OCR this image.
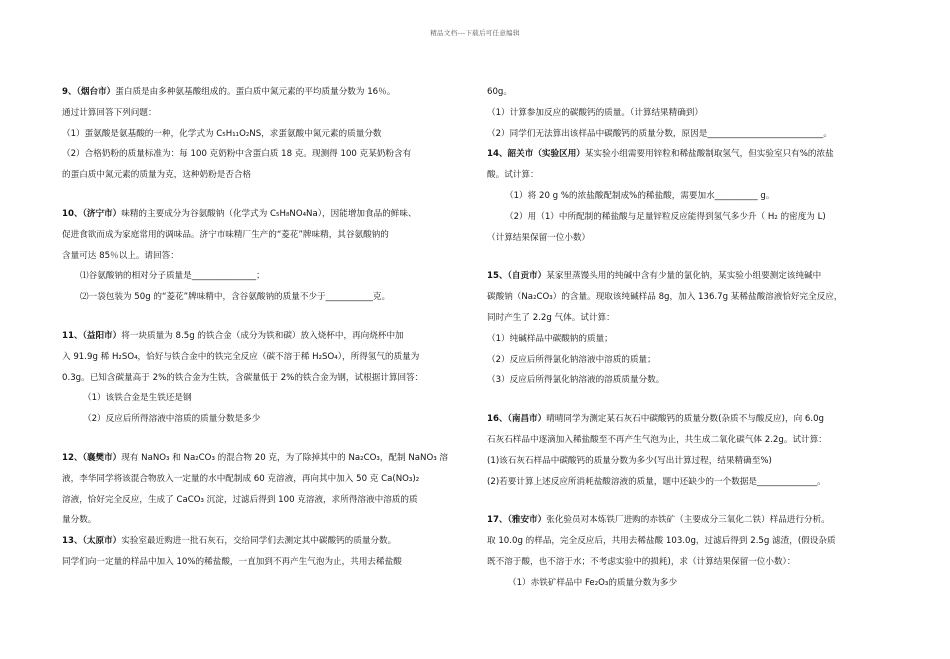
精品文档---下载后可任意编辑
9、（烟台市）蛋白质是由多种氨基酸组成的。蛋白质中氮元素的平均质量分数为 16％。
通过计算回答下列问题：
（1）蛋氨酸是氨基酸的一种，化学式为 C₅H₁₁O₂NS，求蛋氨酸中氮元素的质量分数
（2）合格奶粉的质量标准为：每 100 克奶粉中含蛋白质 18 克。现测得 100 克某奶粉含有
的蛋白质中氮元素的质量为克，这种奶粉是否合格
10、（济宁市）味精的主要成分为谷氨酸钠（化学式为 C₅H₈NO₄Na），因能增加食品的鲜味、
促进食欲而成为家庭常用的调味品。济宁市味精厂生产的“菱花”牌味精，其谷氨酸钠的
含量可达 85％以上。请回答：
⑴谷氨酸钠的相对分子质量是_______________；
⑵一袋包装为 50g 的“菱花”牌味精中，含谷氨酸钠的质量不少于___________克。
11、（益阳市）将一块质量为 8.5g 的铁合金（成分为铁和碳）放入烧杯中，再向烧杯中加
入 91.9g 稀 H₂SO₄，恰好与铁合金中的铁完全反应（碳不溶于稀 H₂SO₄），所得氢气的质量为
0.3g。已知含碳量高于 2%的铁合金为生铁，含碳量低于 2%的铁合金为钢，试根据计算回答：
（1）该铁合金是生铁还是钢
（2）反应后所得溶液中溶质的质量分数是多少
12、（襄樊市）现有 NaNO₃ 和 Na₂CO₃ 的混合物 20 克，为了除掉其中的 Na₂CO₃，配制 NaNO₃ 溶
液，李华同学将该混合物放入一定量的水中配制成 60 克溶液，再向其中加入 50 克 Ca(NO₃)₂
溶液，恰好完全反应，生成了 CaCO₃ 沉淀，过滤后得到 100 克溶液，求所得溶液中溶质的质
量分数。
13、（太原市）实验室最近购进一批石灰石，交给同学们去测定其中碳酸钙的质量分数。
同学们向一定量的样品中加入 10%的稀盐酸，一直加到不再产生气泡为止，共用去稀盐酸
60g。
（1）计算参加反应的碳酸钙的质量。（计算结果精确到）
（2）同学们无法算出该样品中碳酸钙的质量分数，原因是___________________________。
14、韶关市（实验区用）某实验小组需要用锌粒和稀盐酸制取氢气，但实验室只有%的浓盐
酸。试计算：
（1）将 20 g %的浓盐酸配制成%的稀盐酸，需要加水__________ g。
（2）用（1）中所配制的稀盐酸与足量锌粒反应能得到氢气多少升（ H₂ 的密度为 L)
（计算结果保留一位小数）
15、（自贡市）某家里蒸馒头用的纯碱中含有少量的氯化钠，某实验小组要测定该纯碱中
碳酸钠（Na₂CO₃）的含量。现取该纯碱样品 8g，加入 136.7g 某稀盐酸溶液恰好完全反应，
同时产生了 2.2g 气体。试计算：
（1）纯碱样品中碳酸钠的质量；
（2）反应后所得氯化钠溶液中溶质的质量；
（3）反应后所得氯化钠溶液的溶质质量分数。
16、（南昌市）晴晴同学为测定某石灰石中碳酸钙的质量分数(杂质不与酸反应)，向 6.0g
石灰石样品中逐滴加入稀盐酸至不再产生气泡为止，共生成二氧化碳气体 2.2g。试计算：
(1)该石灰石样品中碳酸钙的质量分数为多少(写出计算过程，结果精确至%)
(2)若要计算上述反应所消耗盐酸溶液的质量，题中还缺少的一个数据是______________。
17、（雅安市）张化验员对本炼铁厂进购的赤铁矿（主要成分三氧化二铁）样品进行分析。
取 10.0g 的样品，完全反应后，共用去稀盐酸 103.0g，过滤后得到 2.5g 滤渣，(假设杂质
既不溶于酸，也不溶于水；不考虑实验中的损耗)，求（计算结果保留一位小数）：
（1）赤铁矿样品中 Fe₂O₃的质量分数为多少
